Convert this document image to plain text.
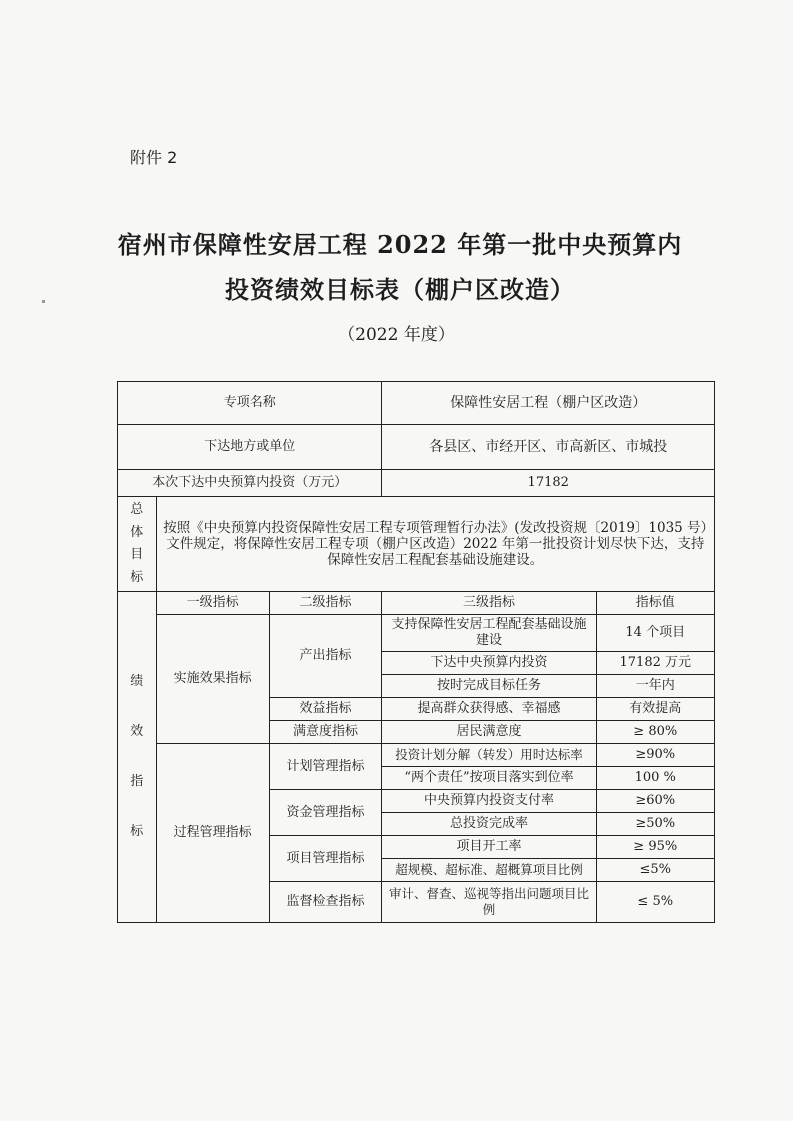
附件 2
宿州市保障性安居工程 2022 年第一批中央预算内
投资绩效目标表（棚户区改造）
（2022 年度）
专项名称			保障性安居工程（棚户区改造）	
下达地方或单位			各县区、市经开区、市高新区、市城投	
本次下达中央预算内投资（万元）			17182	

总
体
目
标	按照《中央预算内投资保障性安居工程专项管理暂行办法》(发改投资规〔2019〕1035 号）文件规定，将保障性安居工程专项（棚户区改造）2022 年第一批投资计划尽快下达，支持保障性安居工程配套基础设施建设。			

绩
效
指
标	一级指标	二级指标	三级指标	指标值
	实施效果指标	产出指标	支持保障性安居工程配套基础设施建设	14 个项目
			下达中央预算内投资	17182 万元
			按时完成目标任务	一年内
		效益指标	提高群众获得感、幸福感	有效提高
		满意度指标	居民满意度	≥ 80%

	过程管理指标	计划管理指标	投资计划分解（转发）用时达标率	≥90%
			“两个责任”按项目落实到位率	100 %
		资金管理指标	中央预算内投资支付率	≥60%
			总投资完成率	≥50%
		项目管理指标	项目开工率	≥ 95%
			超规模、超标准、超概算项目比例	≤5%
		监督检查指标	审计、督查、巡视等指出问题项目比例	≤ 5%
